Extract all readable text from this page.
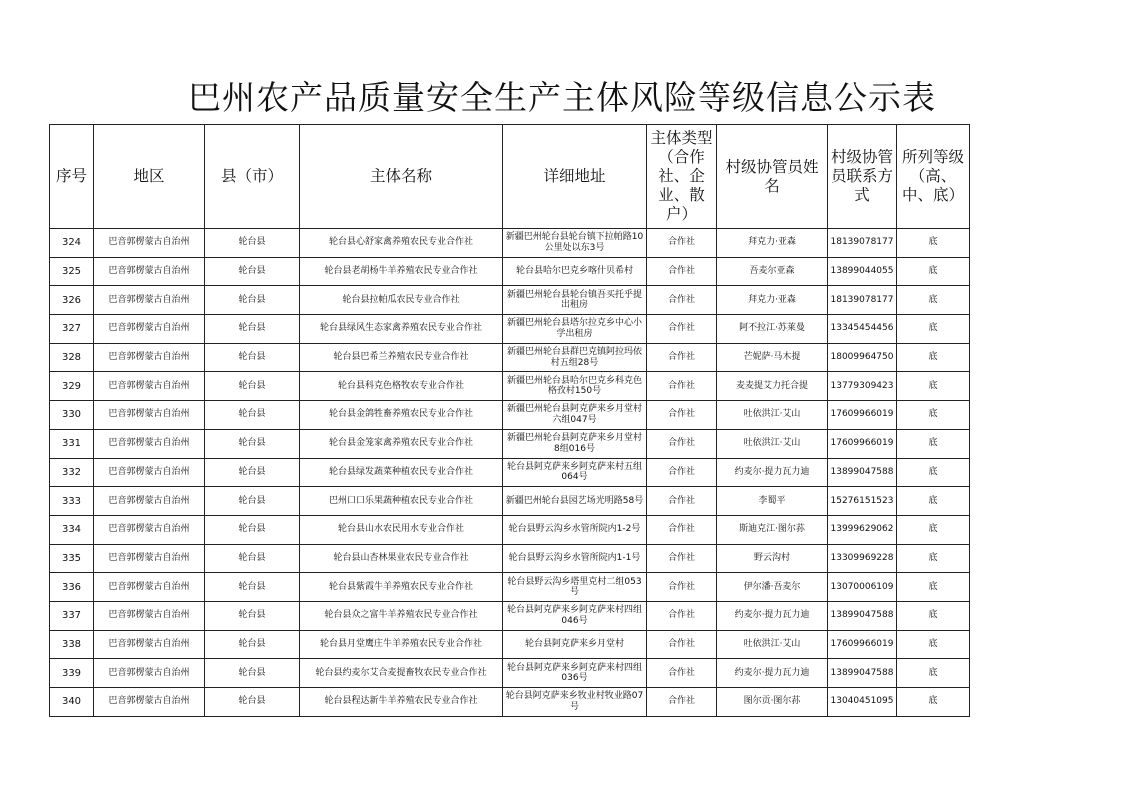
巴州农产品质量安全生产主体风险等级信息公示表
序号	地区	县（市）	主体名称	详细地址	主体类型（合作社、企业、散户）	村级协管员姓名	村级协管员联系方式	所列等级（高、中、底）
324	巴音郭楞蒙古自治州	轮台县	轮台县心舒家禽养殖农民专业合作社	新疆巴州轮台县轮台镇下拉帕路10公里处以东3号	合作社	拜克力·亚森	18139078177	底
325	巴音郭楞蒙古自治州	轮台县	轮台县老胡杨牛羊养殖农民专业合作社	轮台县哈尔巴克乡喀什贝希村	合作社	吾麦尔亚森	13899044055	底
326	巴音郭楞蒙古自治州	轮台县	轮台县拉帕瓜农民专业合作社	新疆巴州轮台县轮台镇吾买托乎提出租房	合作社	拜克力·亚森	18139078177	底
327	巴音郭楞蒙古自治州	轮台县	轮台县绿风生态家禽养殖农民专业合作社	新疆巴州轮台县塔尔拉克乡中心小学出租房	合作社	阿不拉江·苏莱曼	13345454456	底
328	巴音郭楞蒙古自治州	轮台县	轮台县巴希兰养殖农民专业合作社	新疆巴州轮台县群巴克镇阿拉玛依村五组28号	合作社	芒妮萨·马木提	18009964750	底
329	巴音郭楞蒙古自治州	轮台县	轮台县科克色格牧农专业合作社	新疆巴州轮台县哈尔巴克乡科克色格孜村150号	合作社	麦麦提艾力托合提	13779309423	底
330	巴音郭楞蒙古自治州	轮台县	轮台县金鸽牲畜养殖农民专业合作社	新疆巴州轮台县阿克萨来乡月堂村六组047号	合作社	吐依洪江·艾山	17609966019	底
331	巴音郭楞蒙古自治州	轮台县	轮台县金笼家禽养殖农民专业合作社	新疆巴州轮台县阿克萨来乡月堂村8组016号	合作社	吐依洪江·艾山	17609966019	底
332	巴音郭楞蒙古自治州	轮台县	轮台县绿发蔬菜种植农民专业合作社	轮台县阿克萨来乡阿克萨来村五组064号	合作社	约麦尔·提力瓦力迪	13899047588	底
333	巴音郭楞蒙古自治州	轮台县	巴州口口乐果蔬种植农民专业合作社	新疆巴州轮台县园艺场光明路58号	合作社	李蜀平	15276151523	底
334	巴音郭楞蒙古自治州	轮台县	轮台县山水农民用水专业合作社	轮台县野云沟乡水管所院内1-2号	合作社	斯迪克江·图尔荪	13999629062	底
335	巴音郭楞蒙古自治州	轮台县	轮台县山杏林果业农民专业合作社	轮台县野云沟乡水管所院内1-1号	合作社	野云沟村	13309969228	底
336	巴音郭楞蒙古自治州	轮台县	轮台县紫霞牛羊养殖农民专业合作社	轮台县野云沟乡塔里克村二组053号	合作社	伊尔潘·吾麦尔	13070006109	底
337	巴音郭楞蒙古自治州	轮台县	轮台县众之富牛羊养殖农民专业合作社	轮台县阿克萨来乡阿克萨来村四组046号	合作社	约麦尔·提力瓦力迪	13899047588	底
338	巴音郭楞蒙古自治州	轮台县	轮台县月堂鹰庄牛羊养殖农民专业合作社	轮台县阿克萨来乡月堂村	合作社	吐依洪江·艾山	17609966019	底
339	巴音郭楞蒙古自治州	轮台县	轮台县约麦尔艾合麦提畜牧农民专业合作社	轮台县阿克萨来乡阿克萨来村四组036号	合作社	约麦尔·提力瓦力迪	13899047588	底
340	巴音郭楞蒙古自治州	轮台县	轮台县程达新牛羊养殖农民专业合作社	轮台县阿克萨来乡牧业村牧业路07号	合作社	图尔贡·图尔荪	13040451095	底
